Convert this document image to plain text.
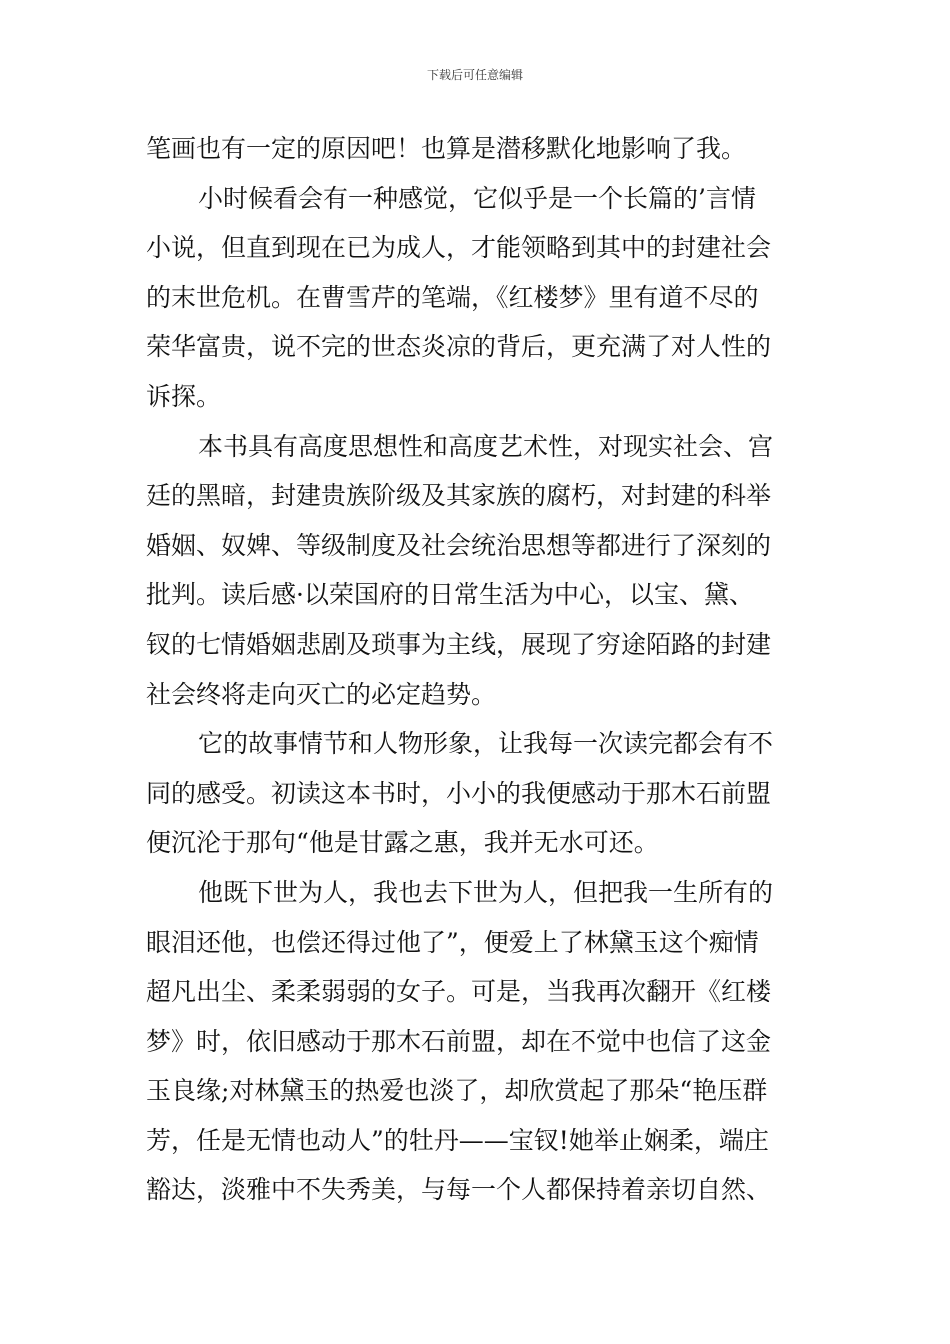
下载后可任意编辑
笔画也有一定的原因吧！也算是潜移默化地影响了我。
小时候看会有一种感觉，它似乎是一个长篇的’言情
小说，但直到现在已为成人，才能领略到其中的封建社会
的末世危机。在曹雪芹的笔端，《红楼梦》里有道不尽的
荣华富贵，说不完的世态炎凉的背后，更充满了对人性的
诉探。
本书具有高度思想性和高度艺术性，对现实社会、宫
廷的黑暗，封建贵族阶级及其家族的腐朽，对封建的科举
婚姻、奴婢、等级制度及社会统治思想等都进行了深刻的
批判。读后感·以荣国府的日常生活为中心，以宝、黛、
钗的七情婚姻悲剧及琐事为主线，展现了穷途陌路的封建
社会终将走向灭亡的必定趋势。
它的故事情节和人物形象，让我每一次读完都会有不
同的感受。初读这本书时，小小的我便感动于那木石前盟
便沉沦于那句“他是甘露之惠，我并无水可还。
他既下世为人，我也去下世为人，但把我一生所有的
眼泪还他，也偿还得过他了”，便爱上了林黛玉这个痴情
超凡出尘、柔柔弱弱的女子。可是，当我再次翻开《红楼
梦》时，依旧感动于那木石前盟，却在不觉中也信了这金
玉良缘;对林黛玉的热爱也淡了，却欣赏起了那朵“艳压群
芳，任是无情也动人”的牡丹——宝钗!她举止娴柔，端庄
豁达，淡雅中不失秀美，与每一个人都保持着亲切自然、
